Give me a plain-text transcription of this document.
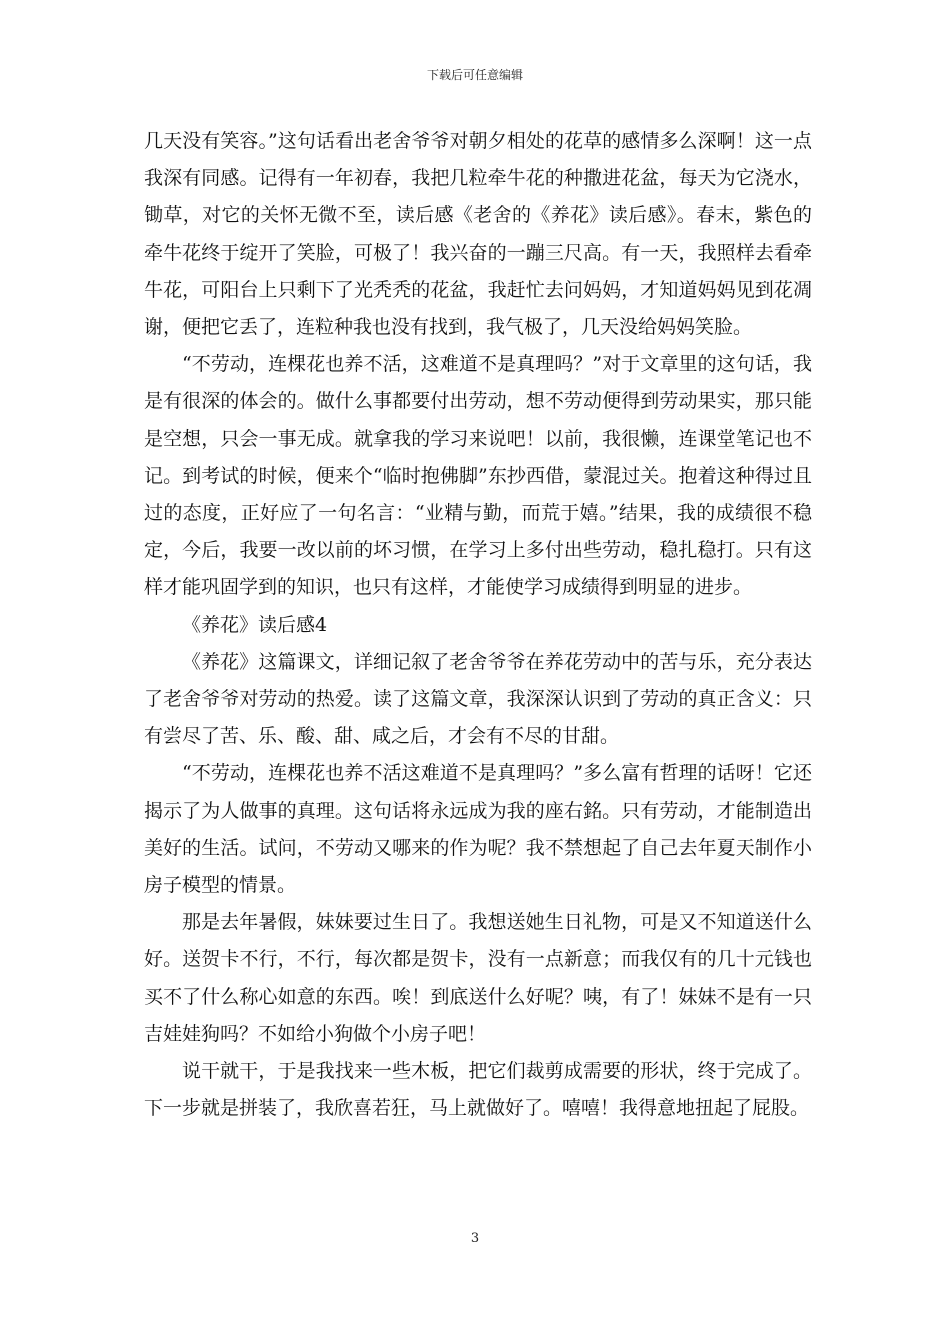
下载后可任意编辑

几天没有笑容。”这句话看出老舍爷爷对朝夕相处的花草的感情多么深啊！这一点我深有同感。记得有一年初春，我把几粒牵牛花的种撒进花盆，每天为它浇水，锄草，对它的关怀无微不至，读后感《老舍的《养花》读后感》。春末，紫色的牵牛花终于绽开了笑脸，可极了！我兴奋的一蹦三尺高。有一天，我照样去看牵牛花，可阳台上只剩下了光秃秃的花盆，我赶忙去问妈妈，才知道妈妈见到花凋谢，便把它丢了，连粒种我也没有找到，我气极了，几天没给妈妈笑脸。

“不劳动，连棵花也养不活，这难道不是真理吗？”对于文章里的这句话，我是有很深的体会的。做什么事都要付出劳动，想不劳动便得到劳动果实，那只能是空想，只会一事无成。就拿我的学习来说吧！以前，我很懒，连课堂笔记也不记。到考试的时候，便来个“临时抱佛脚”东抄西借，蒙混过关。抱着这种得过且过的态度，正好应了一句名言：“业精与勤，而荒于嬉。”结果，我的成绩很不稳定，今后，我要一改以前的坏习惯，在学习上多付出些劳动，稳扎稳打。只有这样才能巩固学到的知识，也只有这样，才能使学习成绩得到明显的进步。

《养花》读后感4

《养花》这篇课文，详细记叙了老舍爷爷在养花劳动中的苦与乐，充分表达了老舍爷爷对劳动的热爱。读了这篇文章，我深深认识到了劳动的真正含义：只有尝尽了苦、乐、酸、甜、咸之后，才会有不尽的甘甜。

“不劳动，连棵花也养不活这难道不是真理吗？”多么富有哲理的话呀！它还揭示了为人做事的真理。这句话将永远成为我的座右銘。只有劳动，才能制造出美好的生活。试问，不劳动又哪来的作为呢？我不禁想起了自己去年夏天制作小房子模型的情景。

那是去年暑假，妹妹要过生日了。我想送她生日礼物，可是又不知道送什么好。送贺卡不行，不行，每次都是贺卡，没有一点新意；而我仅有的几十元钱也买不了什么称心如意的东西。唉！到底送什么好呢？咦，有了！妹妹不是有一只吉娃娃狗吗？不如给小狗做个小房子吧！

说干就干，于是我找来一些木板，把它们裁剪成需要的形状，终于完成了。下一步就是拼装了，我欣喜若狂，马上就做好了。嘻嘻！我得意地扭起了屁股。

3
